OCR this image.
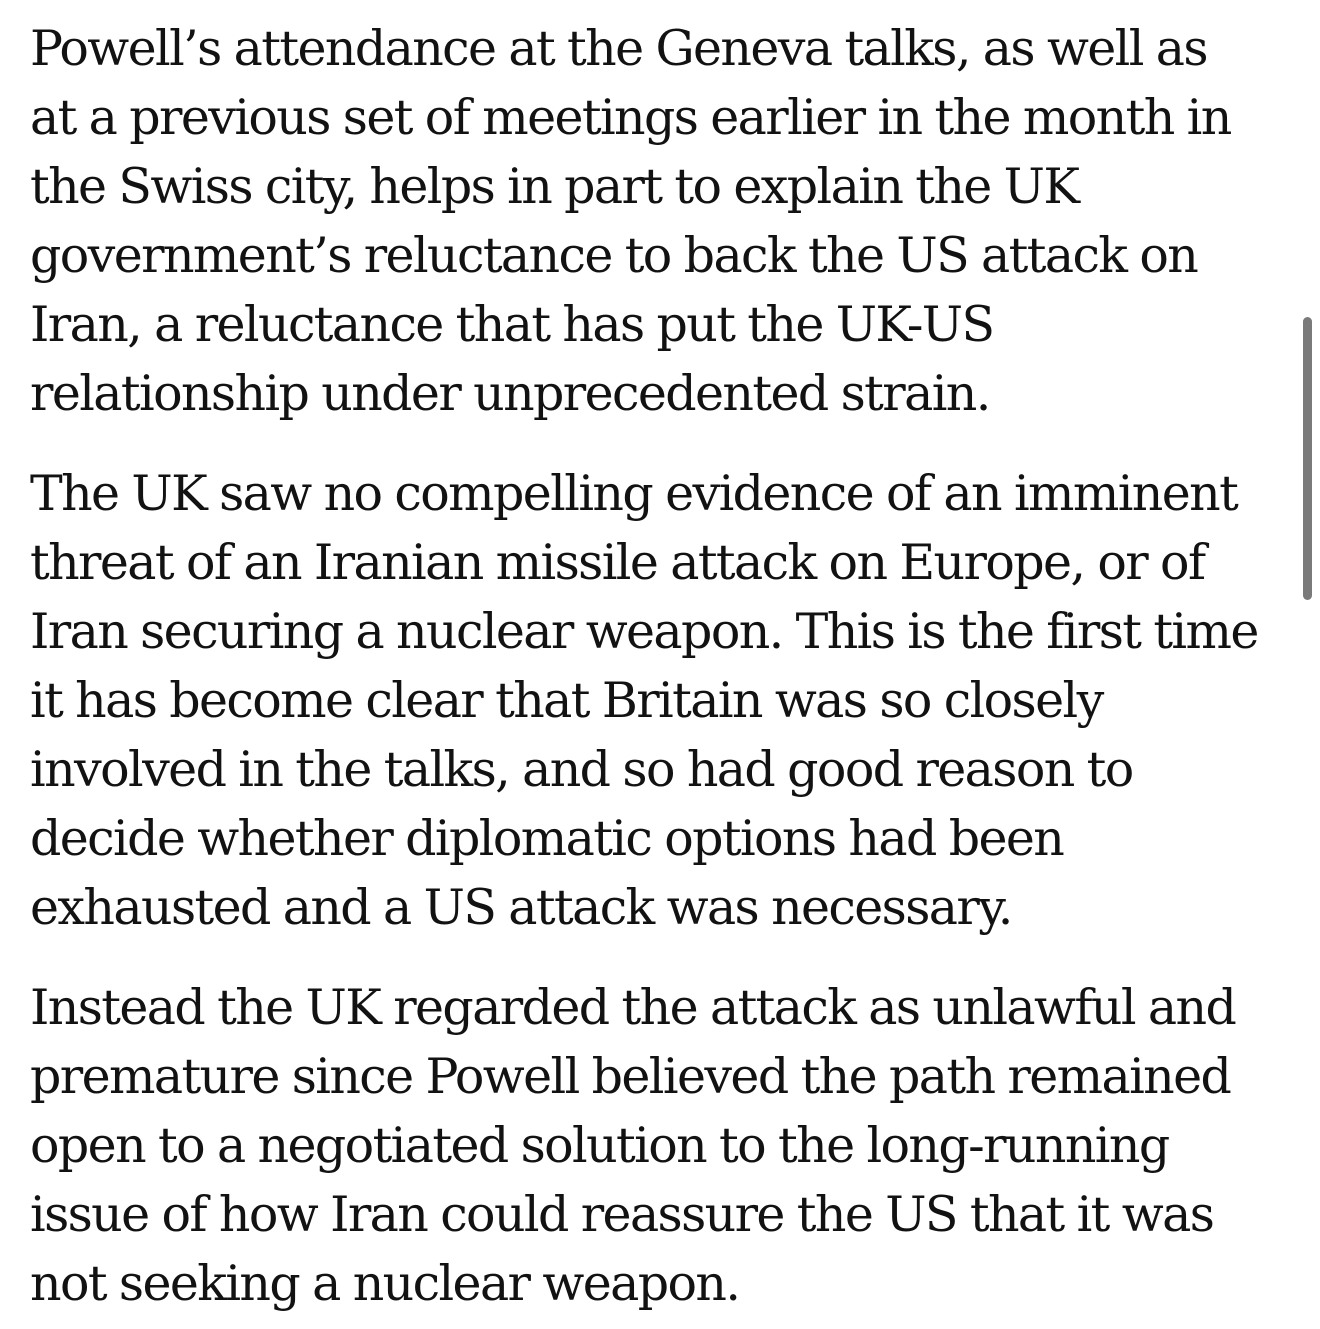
Powell’s attendance at the Geneva talks, as well as
at a previous set of meetings earlier in the month in
the Swiss city, helps in part to explain the UK
government’s reluctance to back the US attack on
Iran, a reluctance that has put the UK-US
relationship under unprecedented strain.

The UK saw no compelling evidence of an imminent
threat of an Iranian missile attack on Europe, or of
Iran securing a nuclear weapon. This is the first time
it has become clear that Britain was so closely
involved in the talks, and so had good reason to
decide whether diplomatic options had been
exhausted and a US attack was necessary.

Instead the UK regarded the attack as unlawful and
premature since Powell believed the path remained
open to a negotiated solution to the long-running
issue of how Iran could reassure the US that it was
not seeking a nuclear weapon.
